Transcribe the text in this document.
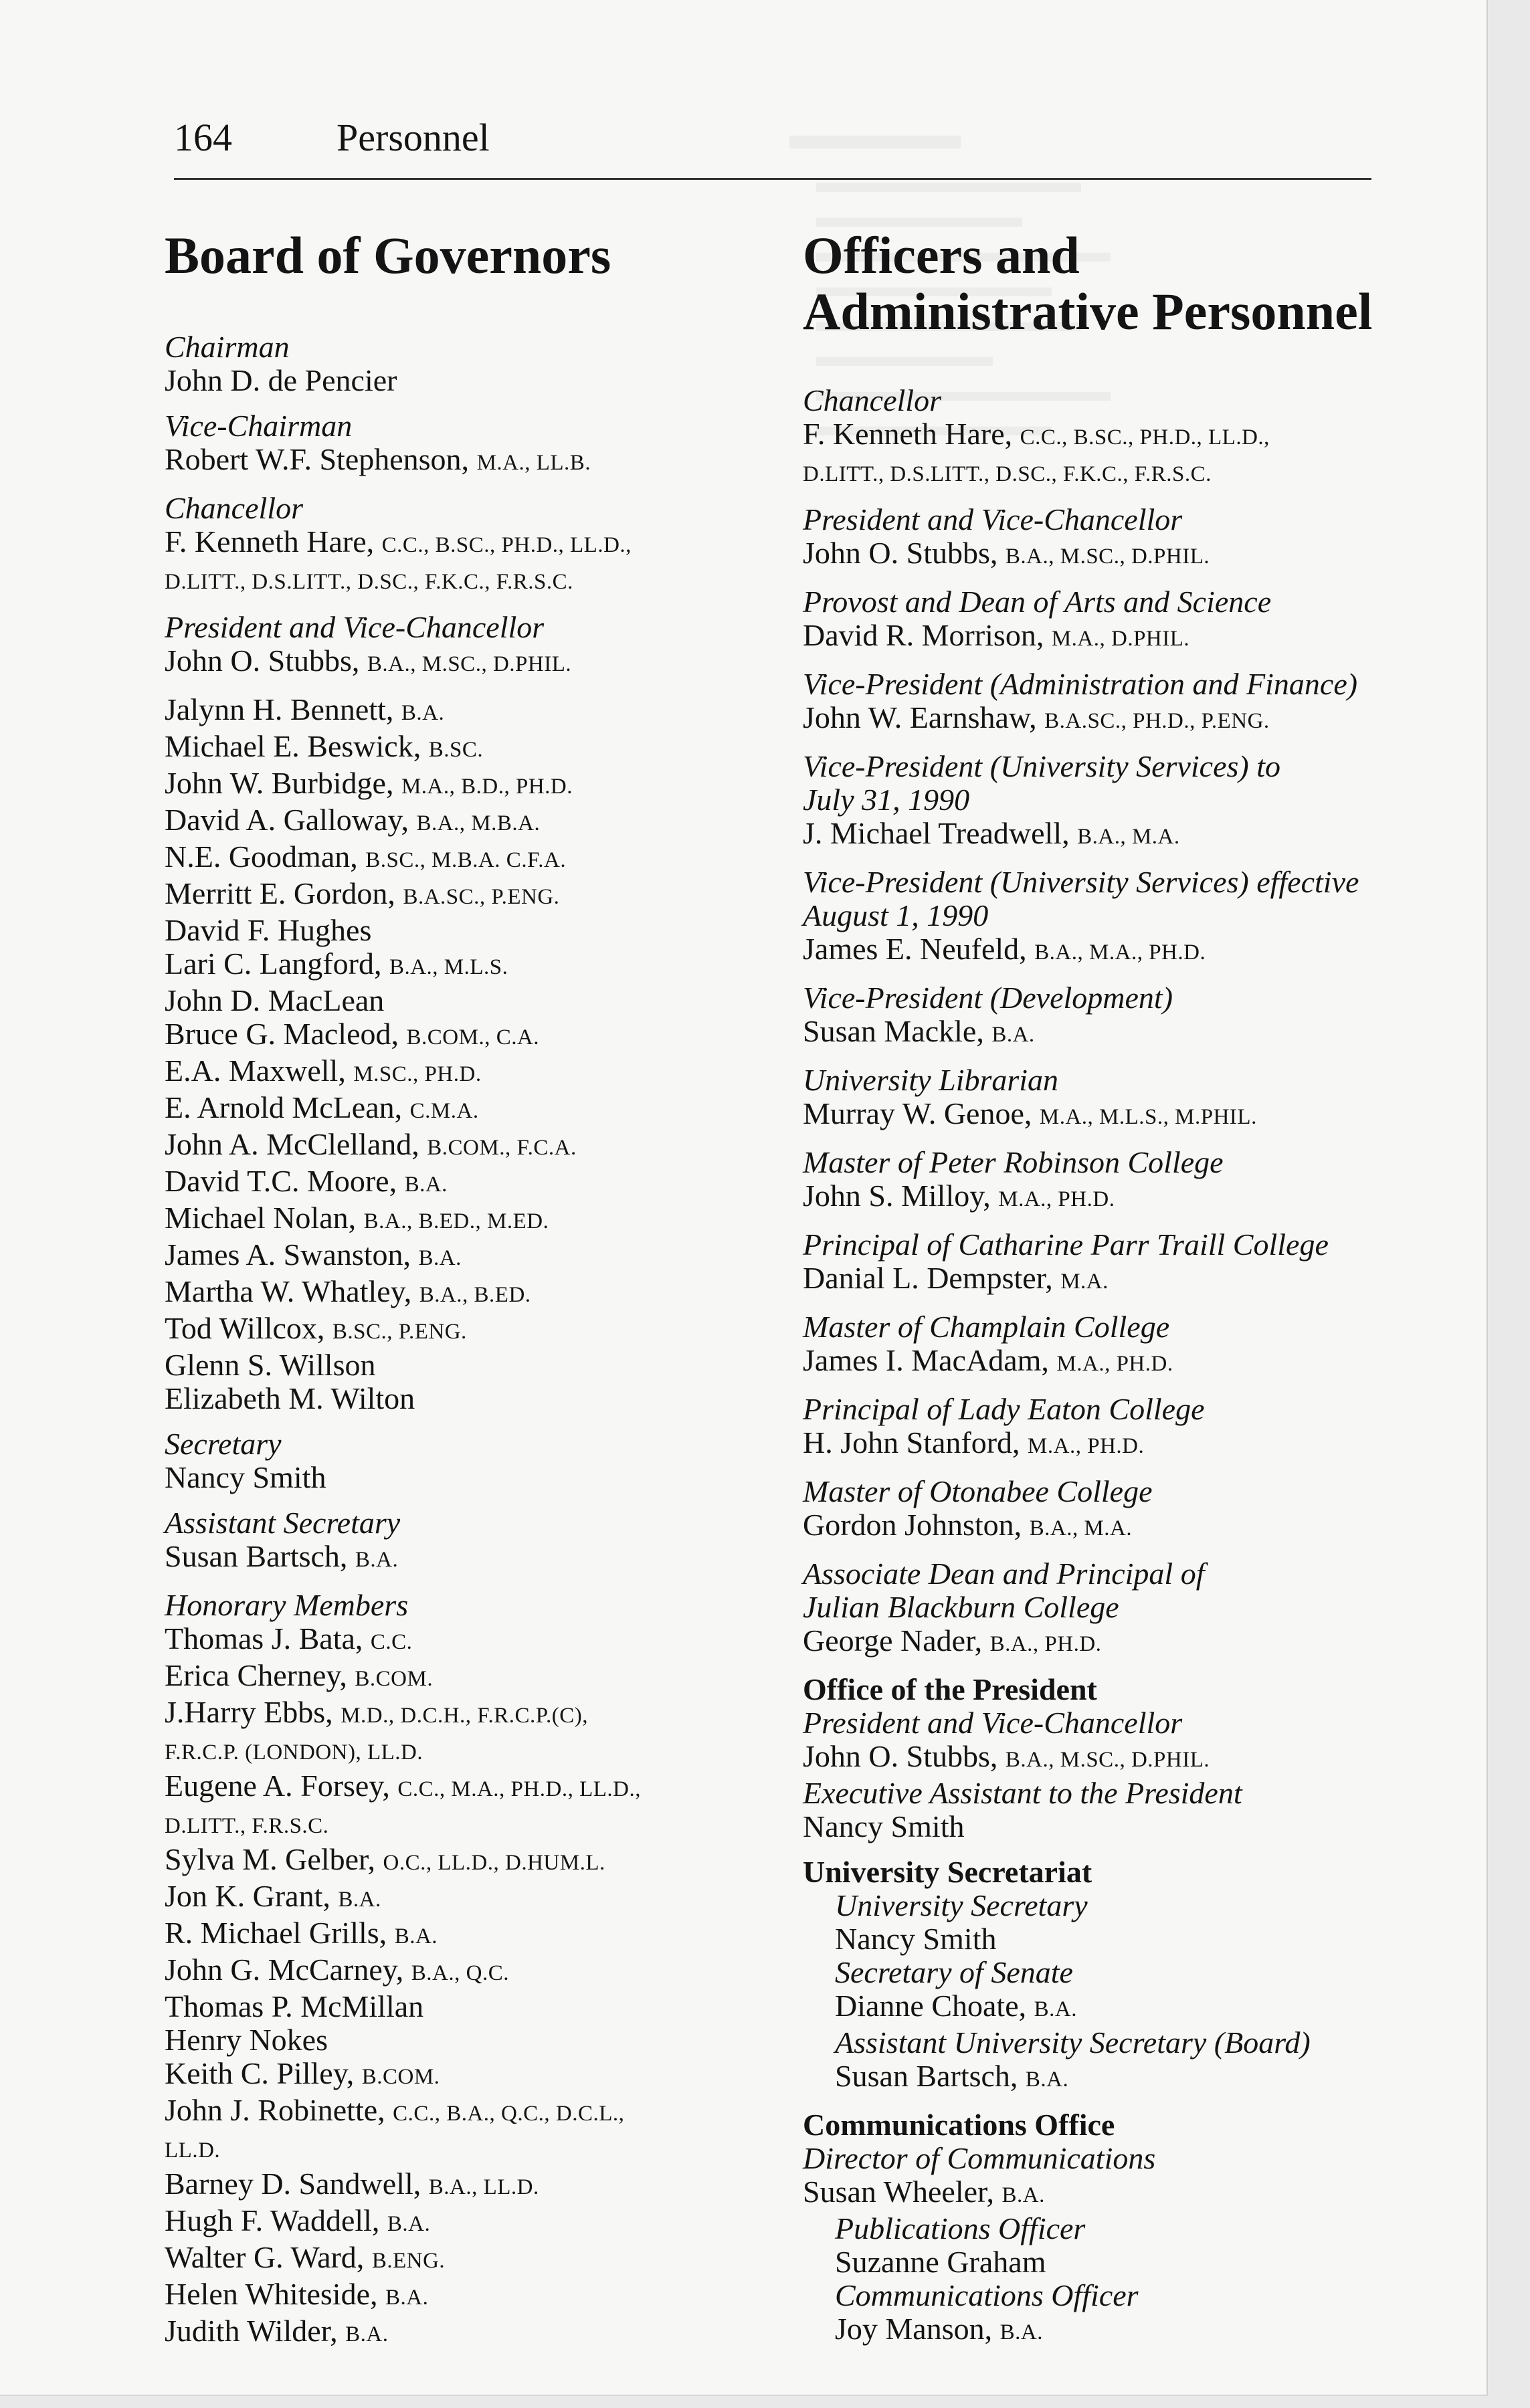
164	Personnel
Board of Governors
Chairman
John D. de Pencier
Vice-Chairman
Robert W.F. Stephenson, M.A., LL.B.
Chancellor
F. Kenneth Hare, C.C., B.SC., PH.D., LL.D.,
D.LITT., D.S.LITT., D.SC., F.K.C., F.R.S.C.
President and Vice-Chancellor
John O. Stubbs, B.A., M.SC., D.PHIL.
Jalynn H. Bennett, B.A.
Michael E. Beswick, B.SC.
John W. Burbidge, M.A., B.D., PH.D.
David A. Galloway, B.A., M.B.A.
N.E. Goodman, B.SC., M.B.A. C.F.A.
Merritt E. Gordon, B.A.SC., P.ENG.
David F. Hughes
Lari C. Langford, B.A., M.L.S.
John D. MacLean
Bruce G. Macleod, B.COM., C.A.
E.A. Maxwell, M.SC., PH.D.
E. Arnold McLean, C.M.A.
John A. McClelland, B.COM., F.C.A.
David T.C. Moore, B.A.
Michael Nolan, B.A., B.ED., M.ED.
James A. Swanston, B.A.
Martha W. Whatley, B.A., B.ED.
Tod Willcox, B.SC., P.ENG.
Glenn S. Willson
Elizabeth M. Wilton
Secretary
Nancy Smith
Assistant Secretary
Susan Bartsch, B.A.
Honorary Members
Thomas J. Bata, C.C.
Erica Cherney, B.COM.
J.Harry Ebbs, M.D., D.C.H., F.R.C.P.(C),
F.R.C.P. (LONDON), LL.D.
Eugene A. Forsey, C.C., M.A., PH.D., LL.D.,
D.LITT., F.R.S.C.
Sylva M. Gelber, O.C., LL.D., D.HUM.L.
Jon K. Grant, B.A.
R. Michael Grills, B.A.
John G. McCarney, B.A., Q.C.
Thomas P. McMillan
Henry Nokes
Keith C. Pilley, B.COM.
John J. Robinette, C.C., B.A., Q.C., D.C.L.,
LL.D.
Barney D. Sandwell, B.A., LL.D.
Hugh F. Waddell, B.A.
Walter G. Ward, B.ENG.
Helen Whiteside, B.A.
Judith Wilder, B.A.
Officers and
Administrative Personnel
Chancellor
F. Kenneth Hare, C.C., B.SC., PH.D., LL.D.,
D.LITT., D.S.LITT., D.SC., F.K.C., F.R.S.C.
President and Vice-Chancellor
John O. Stubbs, B.A., M.SC., D.PHIL.
Provost and Dean of Arts and Science
David R. Morrison, M.A., D.PHIL.
Vice-President (Administration and Finance)
John W. Earnshaw, B.A.SC., PH.D., P.ENG.
Vice-President (University Services) to
July 31, 1990
J. Michael Treadwell, B.A., M.A.
Vice-President (University Services) effective
August 1, 1990
James E. Neufeld, B.A., M.A., PH.D.
Vice-President (Development)
Susan Mackle, B.A.
University Librarian
Murray W. Genoe, M.A., M.L.S., M.PHIL.
Master of Peter Robinson College
John S. Milloy, M.A., PH.D.
Principal of Catharine Parr Traill College
Danial L. Dempster, M.A.
Master of Champlain College
James I. MacAdam, M.A., PH.D.
Principal of Lady Eaton College
H. John Stanford, M.A., PH.D.
Master of Otonabee College
Gordon Johnston, B.A., M.A.
Associate Dean and Principal of
Julian Blackburn College
George Nader, B.A., PH.D.
Office of the President
President and Vice-Chancellor
John O. Stubbs, B.A., M.SC., D.PHIL.
Executive Assistant to the President
Nancy Smith
University Secretariat
University Secretary
Nancy Smith
Secretary of Senate
Dianne Choate, B.A.
Assistant University Secretary (Board)
Susan Bartsch, B.A.
Communications Office
Director of Communications
Susan Wheeler, B.A.
Publications Officer
Suzanne Graham
Communications Officer
Joy Manson, B.A.
